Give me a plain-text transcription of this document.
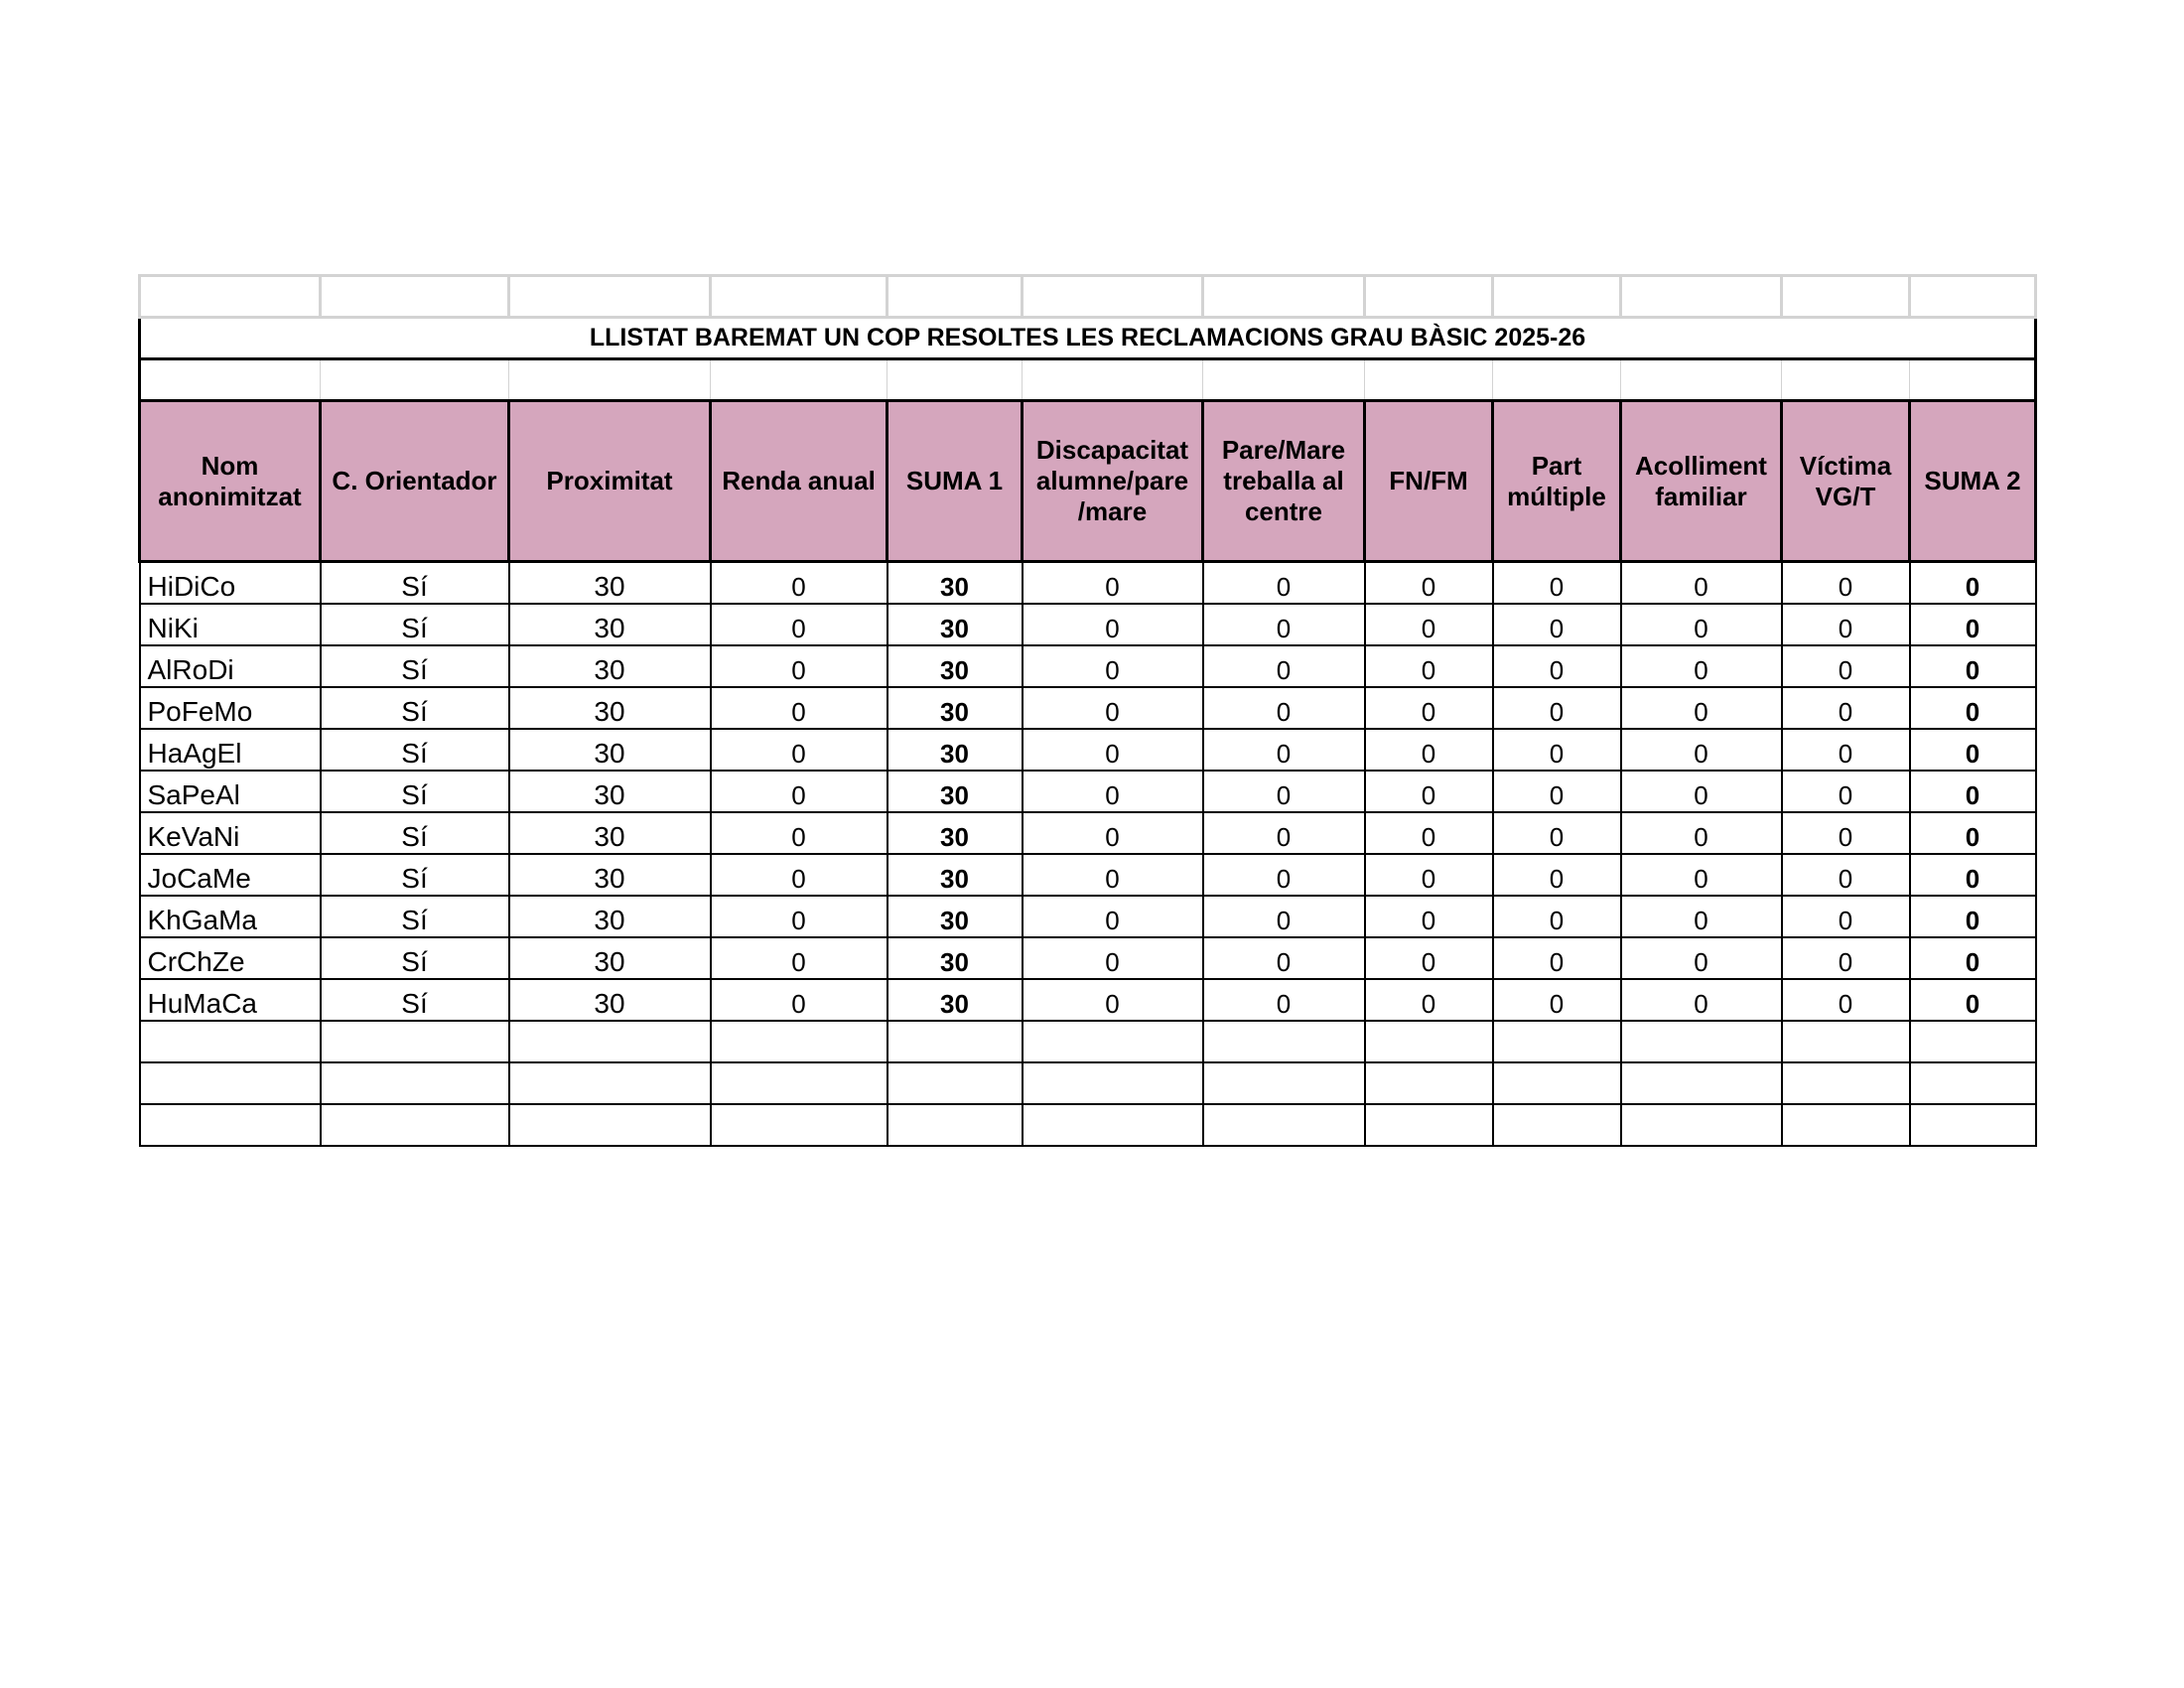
LLISTAT BAREMAT UN COP RESOLTES LES RECLAMACIONS GRAU BÀSIC 2025-26											

Nom anonimitzat	C. Orientador	Proximitat	Renda anual	SUMA 1	Discapacitat alumne/pare /mare	Pare/Mare treballa al centre	FN/FM	Part múltiple	Acolliment familiar	Víctima VG/T	SUMA 2
HiDiCo	Sí	30	0	30	0	0	0	0	0	0	0
NiKi	Sí	30	0	30	0	0	0	0	0	0	0
AlRoDi	Sí	30	0	30	0	0	0	0	0	0	0
PoFeMo	Sí	30	0	30	0	0	0	0	0	0	0
HaAgEl	Sí	30	0	30	0	0	0	0	0	0	0
SaPeAl	Sí	30	0	30	0	0	0	0	0	0	0
KeVaNi	Sí	30	0	30	0	0	0	0	0	0	0
JoCaMe	Sí	30	0	30	0	0	0	0	0	0	0
KhGaMa	Sí	30	0	30	0	0	0	0	0	0	0
CrChZe	Sí	30	0	30	0	0	0	0	0	0	0
HuMaCa	Sí	30	0	30	0	0	0	0	0	0	0
